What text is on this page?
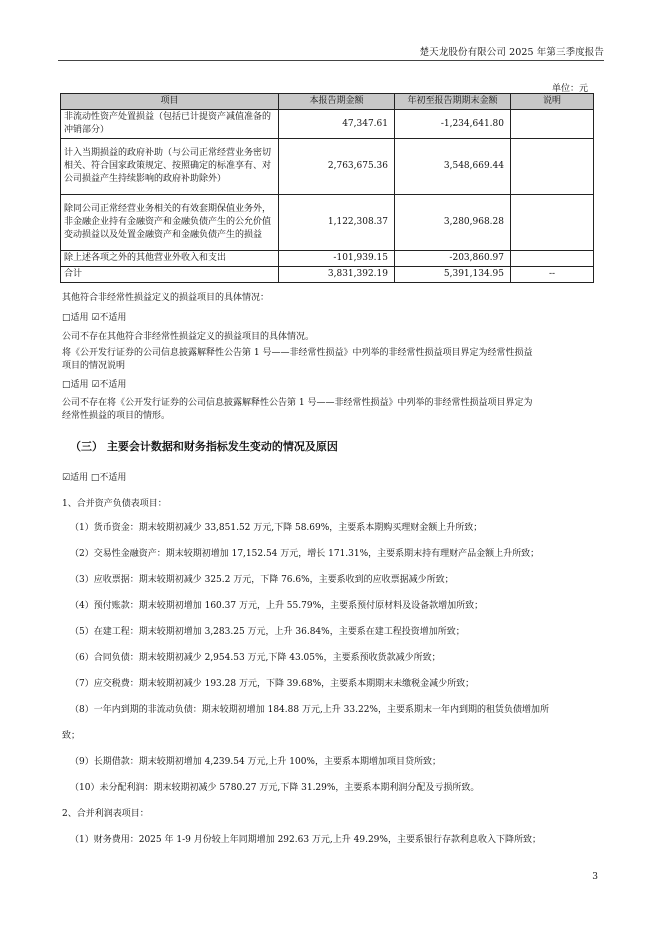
楚天龙股份有限公司 2025 年第三季度报告
单位：元
项目	本报告期金额	年初至报告期期末金额	说明
非流动性资产处置损益（包括已计提资产减值准备的冲销部分）	47,347.61	-1,234,641.80	
计入当期损益的政府补助（与公司正常经营业务密切相关、符合国家政策规定、按照确定的标准享有、对公司损益产生持续影响的政府补助除外）	2,763,675.36	3,548,669.44	
除同公司正常经营业务相关的有效套期保值业务外，非金融企业持有金融资产和金融负债产生的公允价值变动损益以及处置金融资产和金融负债产生的损益	1,122,308.37	3,280,968.28	
除上述各项之外的其他营业外收入和支出	-101,939.15	-203,860.97	
合计	3,831,392.19	5,391,134.95	--
其他符合非经常性损益定义的损益项目的具体情况：
□适用 ☑不适用
公司不存在其他符合非经常性损益定义的损益项目的具体情况。
将《公开发行证券的公司信息披露解释性公告第 1 号——非经常性损益》中列举的非经常性损益项目界定为经常性损益
项目的情况说明
□适用 ☑不适用
公司不存在将《公开发行证券的公司信息披露解释性公告第 1 号——非经常性损益》中列举的非经常性损益项目界定为
经常性损益的项目的情形。
（三） 主要会计数据和财务指标发生变动的情况及原因
☑适用 □不适用
1、合并资产负债表项目：
（1）货币资金：期末较期初减少 33,851.52 万元,下降 58.69%，主要系本期购买理财金额上升所致；
（2）交易性金融资产：期末较期初增加 17,152.54 万元，增长 171.31%，主要系期末持有理财产品金额上升所致；
（3）应收票据：期末较期初减少 325.2 万元，下降 76.6%，主要系收到的应收票据减少所致；
（4）预付账款：期末较期初增加 160.37 万元，上升 55.79%，主要系预付原材料及设备款增加所致；
（5）在建工程：期末较期初增加 3,283.25 万元，上升 36.84%，主要系在建工程投资增加所致；
（6）合同负债：期末较期初减少 2,954.53 万元,下降 43.05%，主要系预收货款减少所致；
（7）应交税费：期末较期初减少 193.28 万元，下降 39.68%，主要系本期期末未缴税金减少所致；
（8）一年内到期的非流动负债：期末较期初增加 184.88 万元,上升 33.22%，主要系期末一年内到期的租赁负债增加所
致；
（9）长期借款：期末较期初增加 4,239.54 万元,上升 100%，主要系本期增加项目贷所致；
（10）未分配利润：期末较期初减少 5780.27 万元,下降 31.29%，主要系本期利润分配及亏损所致。
2、合并利润表项目：
（1）财务费用：2025 年 1-9 月份较上年同期增加 292.63 万元,上升 49.29%，主要系银行存款利息收入下降所致；
3
